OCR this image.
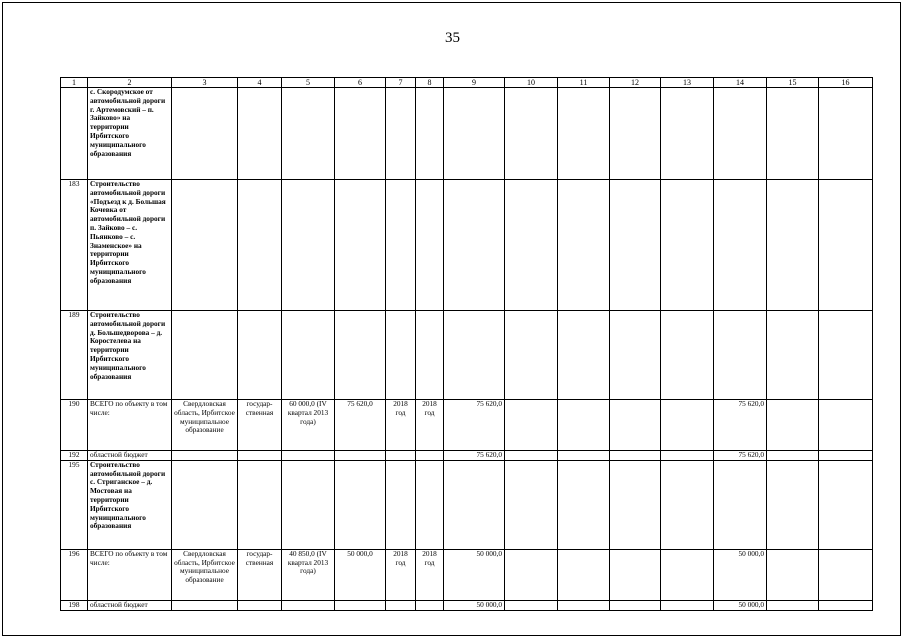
35
1	2	3	4	5	6	7	8	9	10	11	12	13	14	15	16
	с. Скородумское от автомобильной дороги г. Артемовский – п. Зайково» на территории Ирбитского муниципального образования														
183	Строительство автомобильной дороги «Подъезд к д. Большая Кочевка от автомобильной дороги п. Зайково – с. Пьянково – с. Знаменское» на территории Ирбитского муниципального образования														
189	Строительство автомобильной дороги д. Большедворова – д. Коростелева на территории Ирбитского муниципального образования														
190	ВСЕГО по объекту в том числе:	Свердловская область, Ирбитское муниципальное образование	государ-ственная	60 000,0 (IV квартал 2013 года)	75 620,0	2018 год	2018 год	75 620,0					75 620,0		
192	областной бюджет							75 620,0					75 620,0		
195	Строительство автомобильной дороги с. Стриганское – д. Мостовая на территории Ирбитского муниципального образования														
196	ВСЕГО по объекту в том числе:	Свердловская область, Ирбитское муниципальное образование	государ-ственная	40 850,0 (IV квартал 2013 года)	50 000,0	2018 год	2018 год	50 000,0					50 000,0		
198	областной бюджет							50 000,0					50 000,0		
